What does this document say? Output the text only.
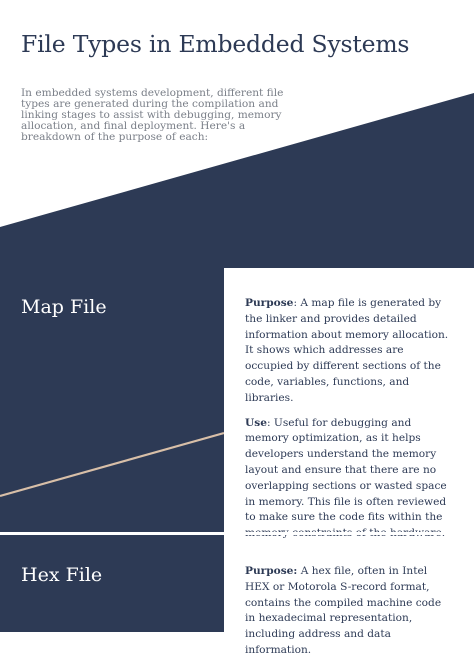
File Types in Embedded Systems

In embedded systems development, different file types are generated during the compilation and linking stages to assist with debugging, memory allocation, and final deployment. Here's a breakdown of the purpose of each:

Map File	Purpose: A map file is generated by the linker and provides detailed information about memory allocation. It shows which addresses are occupied by different sections of the code, variables, functions, and libraries.

Use: Useful for debugging and memory optimization, as it helps developers understand the memory layout and ensure that there are no overlapping sections or wasted space in memory. This file is often reviewed to make sure the code fits within the

Hex File	Purpose: A hex file, often in Intel HEX or Motorola S-record format, contains the compiled machine code in hexadecimal representation, including address and data information.
